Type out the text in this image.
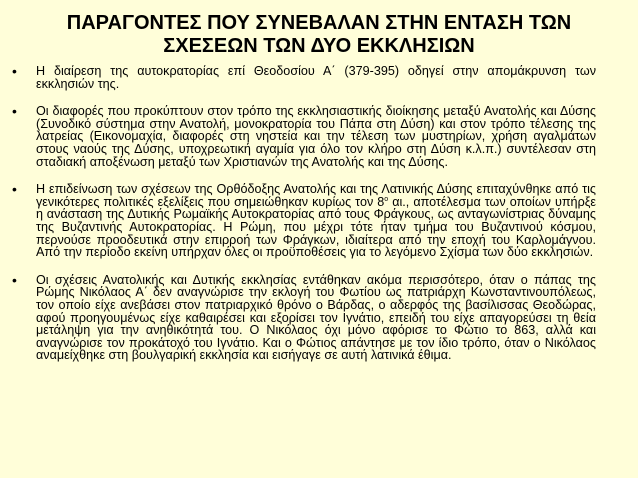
ΠΑΡΑΓΟΝΤΕΣ ΠΟΥ ΣΥΝΕΒΑΛΑΝ ΣΤΗΝ ΕΝΤΑΣΗ ΤΩΝ
ΣΧΕΣΕΩΝ ΤΩΝ ΔΥΟ ΕΚΚΛΗΣΙΩΝ
• Η διαίρεση της αυτοκρατορίας επί Θεοδοσίου Α΄ (379-395) οδηγεί στην απομάκρυνση των εκκλησιών της.
• Οι διαφορές που προκύπτουν στον τρόπο της εκκλησιαστικής διοίκησης μεταξύ Ανατολής και Δύσης (Συνοδικό σύστημα στην Ανατολή, μονοκρατορία του Πάπα στη Δύση) και στον τρόπο τέλεσης της λατρείας (Εικονομαχία, διαφορές στη νηστεία και την τέλεση των μυστηρίων, χρήση αγαλμάτων στους ναούς της Δύσης, υποχρεωτική αγαμία για όλο τον κλήρο στη Δύση κ.λ.π.) συντέλεσαν στη σταδιακή αποξένωση μεταξύ των Χριστιανών της Ανατολής και της Δύσης.
• Η επιδείνωση των σχέσεων της Ορθόδοξης Ανατολής και της Λατινικής Δύσης επιταχύνθηκε από τις γενικότερες πολιτικές εξελίξεις που σημειώθηκαν κυρίως τον $8^o$ αι., αποτέλεσμα των οποίων υπήρξε η ανάσταση της Δυτικής Ρωμαϊκής Αυτοκρατορίας από τους Φράγκους, ως ανταγωνίστριας δύναμης της Βυζαντινής Αυτοκρατορίας. Η Ρώμη, που μέχρι τότε ήταν τμήμα του Βυζαντινού κόσμου, περνούσε προοδευτικά στην επιρροή των Φράγκων, ιδιαίτερα από την εποχή του Καρλομάγνου. Από την περίοδο εκείνη υπήρχαν όλες οι προϋποθέσεις για το λεγόμενο Σχίσμα των δύο εκκλησιών.
• Οι σχέσεις Ανατολικής και Δυτικής εκκλησίας εντάθηκαν ακόμα περισσότερο, όταν ο πάπας της Ρώμης Νικόλαος Α΄ δεν αναγνώρισε την εκλογή του Φωτίου ως πατριάρχη Κωνσταντινουπόλεως, τον οποίο είχε ανεβάσει στον πατριαρχικό θρόνο ο Βάρδας, ο αδερφός της βασίλισσας Θεοδώρας, αφού προηγουμένως είχε καθαιρέσει και εξορίσει τον Ιγνάτιο, επειδή του είχε απαγορεύσει τη θεία μετάληψη για την ανηθικότητά του. Ο Νικόλαος όχι μόνο αφόρισε το Φώτιο το 863, αλλά και αναγνώρισε τον προκάτοχό του Ιγνάτιο. Και ο Φώτιος απάντησε με τον ίδιο τρόπο, όταν ο Νικόλαος αναμείχθηκε στη βουλγαρική εκκλησία και εισήγαγε σε αυτή λατινικά έθιμα.
